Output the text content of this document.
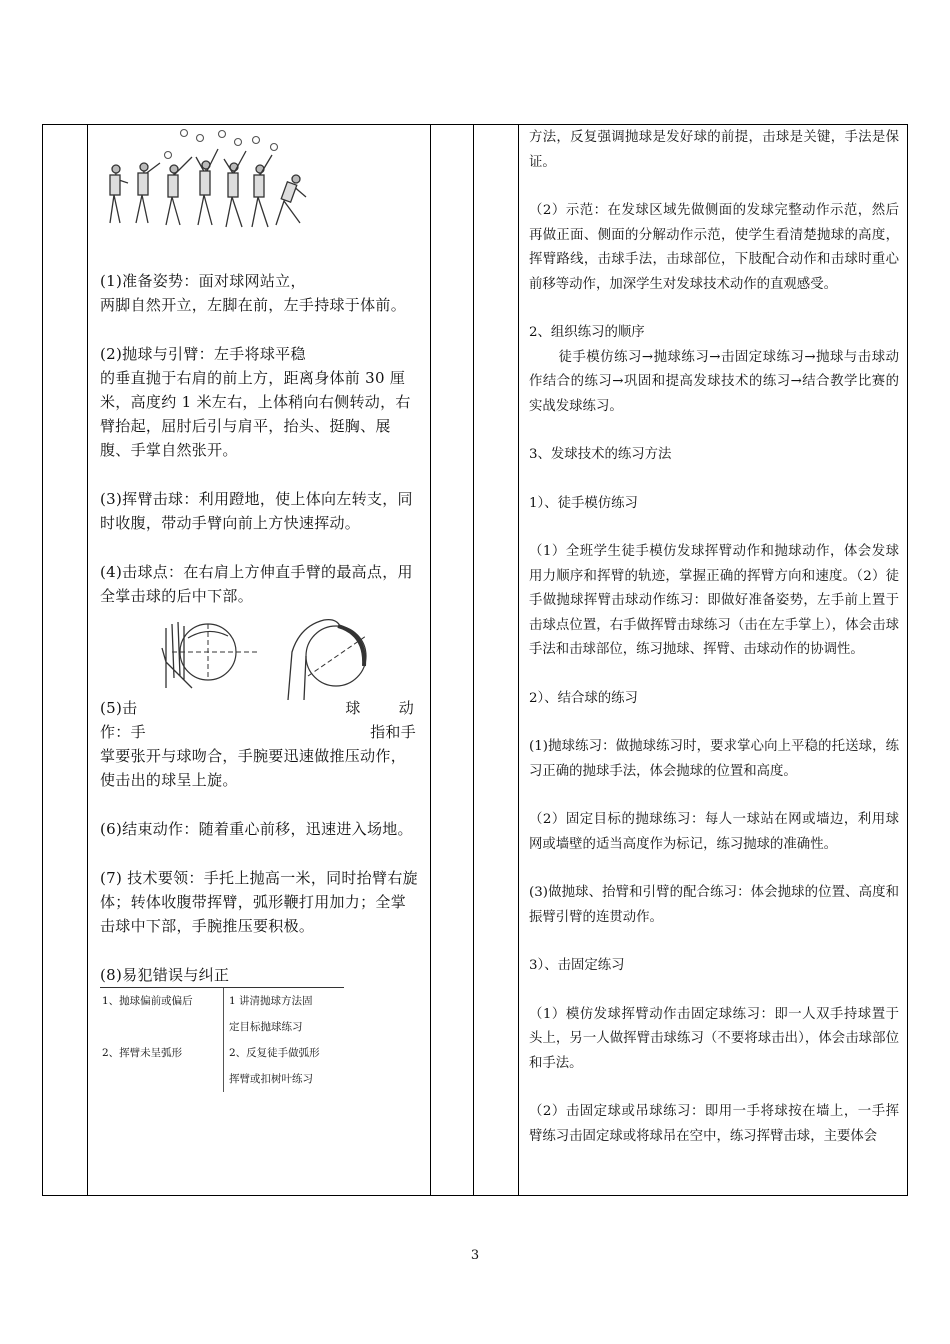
(1)准备姿势：面对球网站立，

两脚自然开立，左脚在前，左手持球于体前。

(2)抛球与引臂：左手将球平稳

的垂直抛于右肩的前上方，距离身体前 30 厘米，高度约 1 米左右，上体稍向右侧转动，右臂抬起，屈肘后引与肩平，抬头、挺胸、展腹、手掌自然张开。

(3)挥臂击球：利用蹬地，使上体向左转支，同时收腹，带动手臂向前上方快速挥动。

(4)击球点：在右肩上方伸直手臂的最高点，用全掌击球的后中下部。

(5)击	球	动

作：手	指和手

掌要张开与球吻合，手腕要迅速做推压动作，使击出的球呈上旋。

(6)结束动作：随着重心前移，迅速进入场地。

(7) 技术要领：手托上抛高一米，同时抬臂右旋体；转体收腹带挥臂，弧形鞭打用加力；全掌击球中下部，手腕推压要积极。

(8)易犯错误与纠正

1、抛球偏前或偏后	1 讲清抛球方法固
定目标抛球练习
2、挥臂未呈弧形	2、反复徒手做弧形
挥臂或扣树叶练习

方法，反复强调抛球是发好球的前提，击球是关键，手法是保证。

（2）示范：在发球区域先做侧面的发球完整动作示范，然后再做正面、侧面的分解动作示范，使学生看清楚抛球的高度，挥臂路线，击球手法，击球部位，下肢配合动作和击球时重心前移等动作，加深学生对发球技术动作的直观感受。

2、组织练习的顺序

徒手模仿练习→抛球练习→击固定球练习→抛球与击球动作结合的练习→巩固和提高发球技术的练习→结合教学比赛的实战发球练习。

3、发球技术的练习方法

1）、徒手模仿练习

（1）全班学生徒手模仿发球挥臂动作和抛球动作，体会发球用力顺序和挥臂的轨迹，掌握正确的挥臂方向和速度。（2）徒手做抛球挥臂击球动作练习：即做好准备姿势，左手前上置于击球点位置，右手做挥臂击球练习（击在左手掌上），体会击球手法和击球部位，练习抛球、挥臂、击球动作的协调性。

2）、结合球的练习

(1)抛球练习：做抛球练习时，要求掌心向上平稳的托送球，练习正确的抛球手法，体会抛球的位置和高度。

（2）固定目标的抛球练习：每人一球站在网或墙边，利用球网或墙壁的适当高度作为标记，练习抛球的准确性。

(3)做抛球、抬臂和引臂的配合练习：体会抛球的位置、高度和振臂引臂的连贯动作。

3）、击固定练习

（1）模仿发球挥臂动作击固定球练习：即一人双手持球置于头上，另一人做挥臂击球练习（不要将球击出），体会击球部位和手法。

（2）击固定球或吊球练习：即用一手将球按在墙上，一手挥臂练习击固定球或将球吊在空中，练习挥臂击球，主要体会

3
